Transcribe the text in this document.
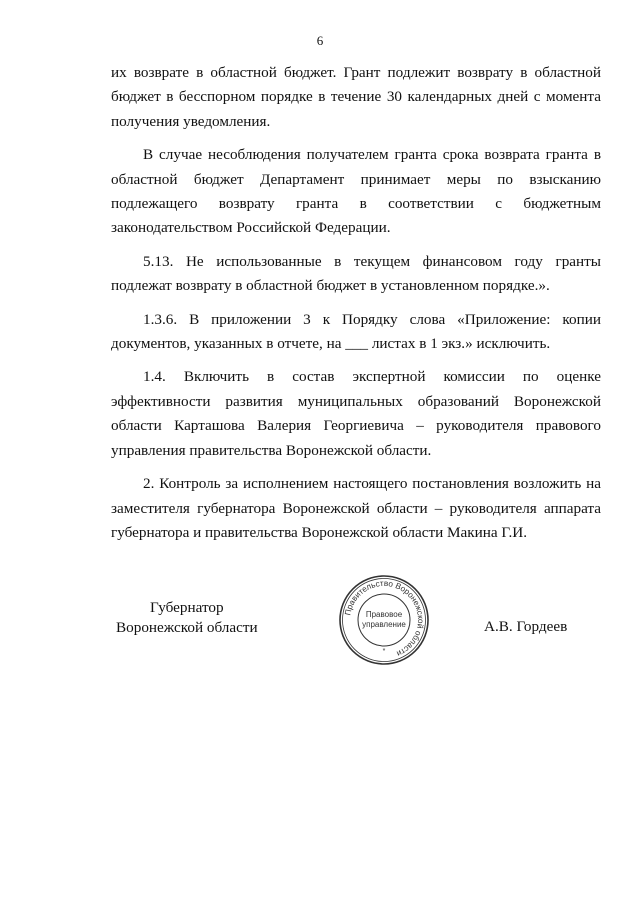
6

их возврате в областной бюджет. Грант подлежит возврату в областной бюджет в бесспорном порядке в течение 30 календарных дней с момента получения уведомления.

В случае несоблюдения получателем гранта срока возврата гранта в областной бюджет Департамент принимает меры по взысканию подлежащего возврату гранта в соответствии с бюджетным законодательством Российской Федерации.

5.13. Не использованные в текущем финансовом году гранты подлежат возврату в областной бюджет в установленном порядке.».

1.3.6. В приложении 3 к Порядку слова «Приложение: копии документов, указанных в отчете, на ___ листах в 1 экз.» исключить.

1.4. Включить в состав экспертной комиссии по оценке эффективности развития муниципальных образований Воронежской области Карташова Валерия Георгиевича – руководителя правового управления правительства Воронежской области.

2. Контроль за исполнением настоящего постановления возложить на заместителя губернатора Воронежской области – руководителя аппарата губернатора и правительства Воронежской области Макина Г.И.

Губернатор
Воронежской области	А.В. Гордеев
Правительство Воронежской области
Правовое
управление
*
